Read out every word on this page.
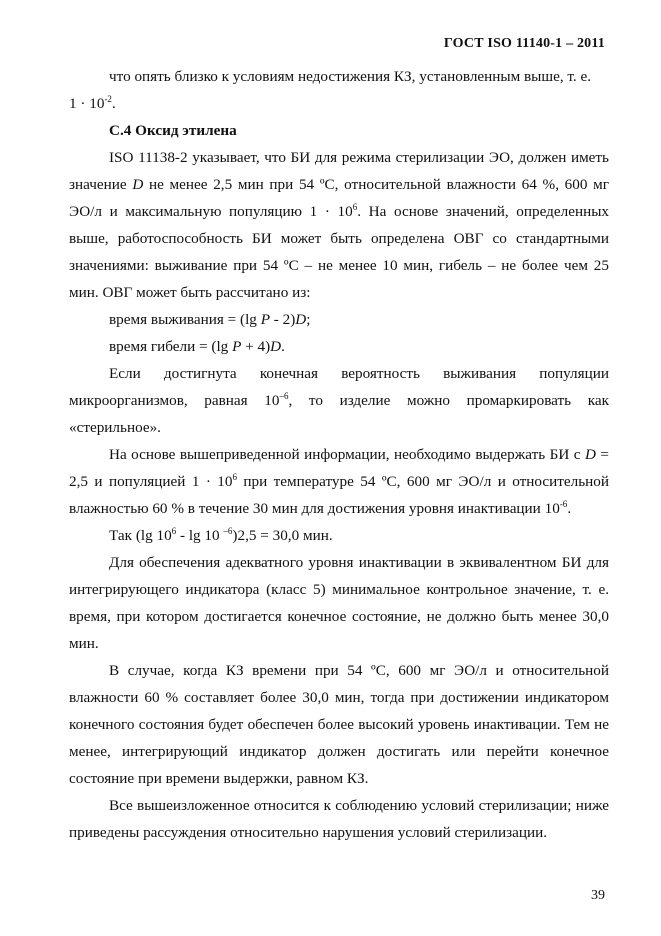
ГОСТ ISO 11140-1 – 2011

что опять близко к условиям недостижения КЗ, установленным выше, т. е.

$1 \cdot 10^{-2}$.

С.4 Оксид этилена

ISO 11138-2 указывает, что БИ для режима стерилизации ЭО, должен иметь значение D не менее 2,5 мин при 54 ºС, относительной влажности 64 %, 600 мг ЭО/л и максимальную популяцию $1 \cdot 10^6$. На основе значений, определенных выше, работоспособность БИ может быть определена ОВГ со стандартными значениями: выживание при 54 ºС – не менее 10 мин, гибель – не более чем 25 мин. ОВГ может быть рассчитано из:

время выживания = (lg P - 2)D;

время гибели = (lg P + 4)D.

Если достигнута конечная вероятность выживания популяции микроорганизмов, равная $10^{-6}$, то изделие можно промаркировать как «стерильное».

На основе вышеприведенной информации, необходимо выдержать БИ с D = 2,5 и популяцией $1 \cdot 10^6$ при температуре 54 ºС, 600 мг ЭО/л и относительной влажностью 60 % в течение 30 мин для достижения уровня инактивации $10^{-6}$.

Так (lg $10^6$ - lg 10 $^{-6}$)2,5 = 30,0 мин.

Для обеспечения адекватного уровня инактивации в эквивалентном БИ для интегрирующего индикатора (класс 5) минимальное контрольное значение, т. е. время, при котором достигается конечное состояние, не должно быть менее 30,0 мин.

В случае, когда КЗ времени при 54 ºС, 600 мг ЭО/л и относительной влажности 60 % составляет более 30,0 мин, тогда при достижении индикатором конечного состояния будет обеспечен более высокий уровень инактивации. Тем не менее, интегрирующий индикатор должен достигать или перейти конечное состояние при времени выдержки, равном КЗ.

Все вышеизложенное относится к соблюдению условий стерилизации; ниже приведены рассуждения относительно нарушения условий стерилизации.

39
